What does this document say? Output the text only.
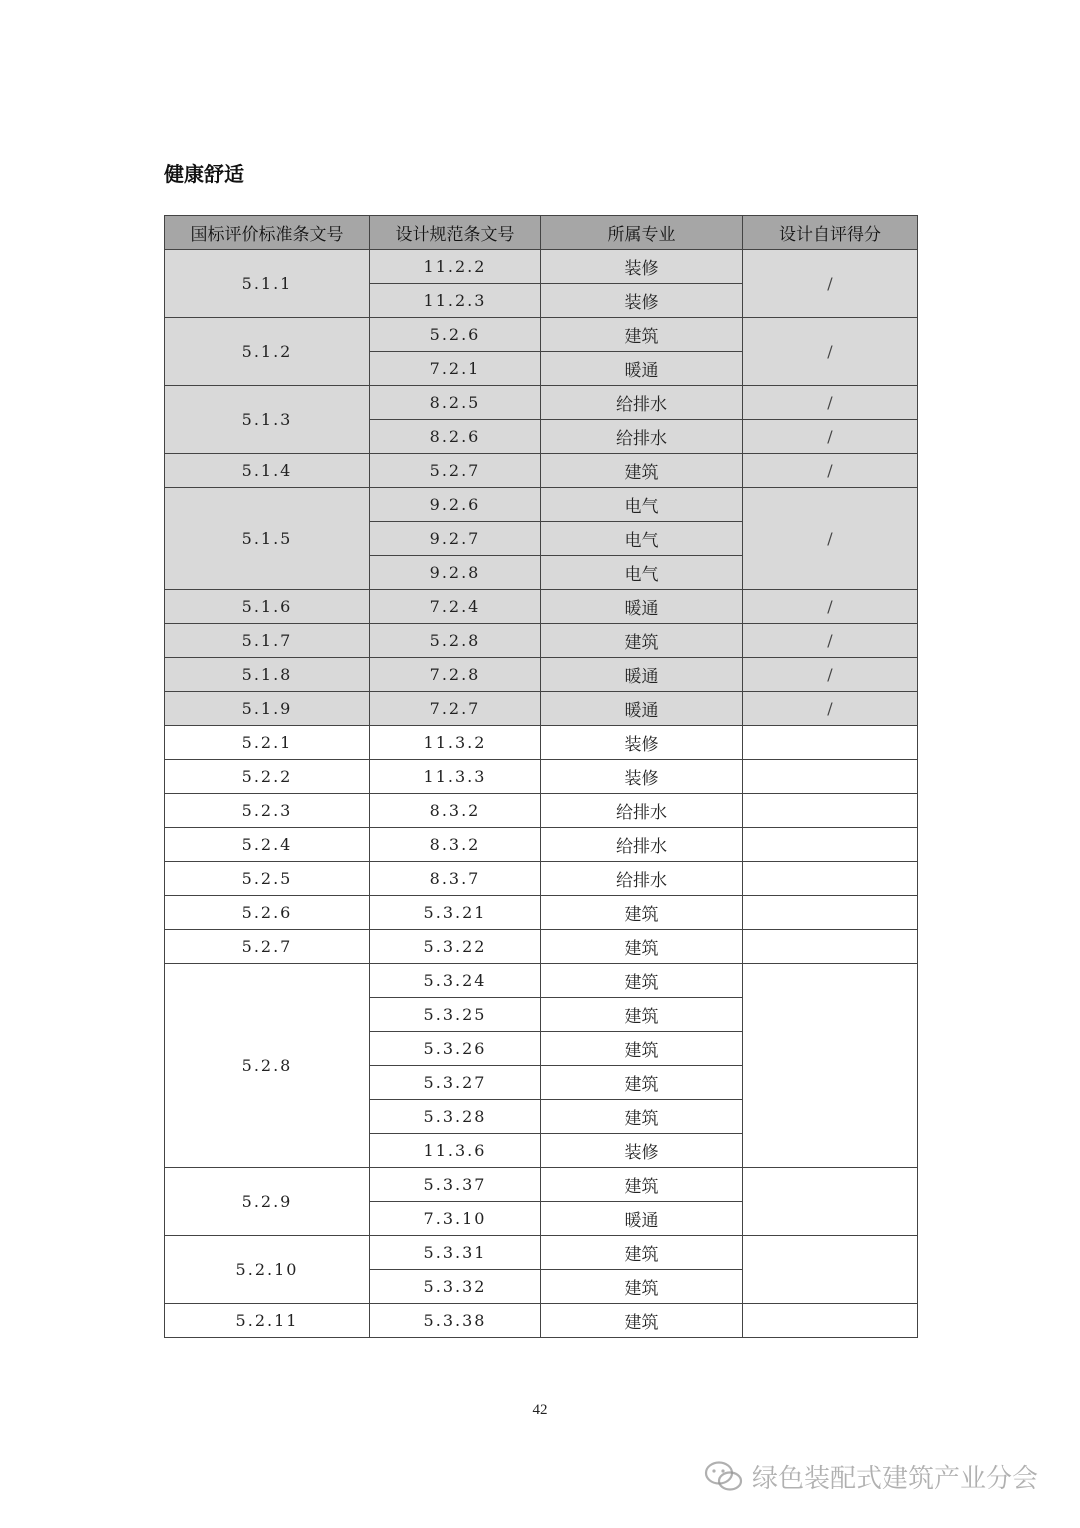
健康舒适
国标评价标准条文号	设计规范条文号	所属专业	设计自评得分
5.1.1	11.2.2	装修	/
	11.2.3	装修	
5.1.2	5.2.6	建筑	/
	7.2.1	暖通	
5.1.3	8.2.5	给排水	/
	8.2.6	给排水	/
5.1.4	5.2.7	建筑	/
5.1.5	9.2.6	电气	/
	9.2.7	电气	
	9.2.8	电气	
5.1.6	7.2.4	暖通	/
5.1.7	5.2.8	建筑	/
5.1.8	7.2.8	暖通	/
5.1.9	7.2.7	暖通	/
5.2.1	11.3.2	装修	
5.2.2	11.3.3	装修	
5.2.3	8.3.2	给排水	
5.2.4	8.3.2	给排水	
5.2.5	8.3.7	给排水	
5.2.6	5.3.21	建筑	
5.2.7	5.3.22	建筑	
5.2.8	5.3.24	建筑	
	5.3.25	建筑	
	5.3.26	建筑	
	5.3.27	建筑	
	5.3.28	建筑	
	11.3.6	装修	
5.2.9	5.3.37	建筑	
	7.3.10	暖通	
5.2.10	5.3.31	建筑	
	5.3.32	建筑	
5.2.11	5.3.38	建筑	
42
绿色装配式建筑产业分会
